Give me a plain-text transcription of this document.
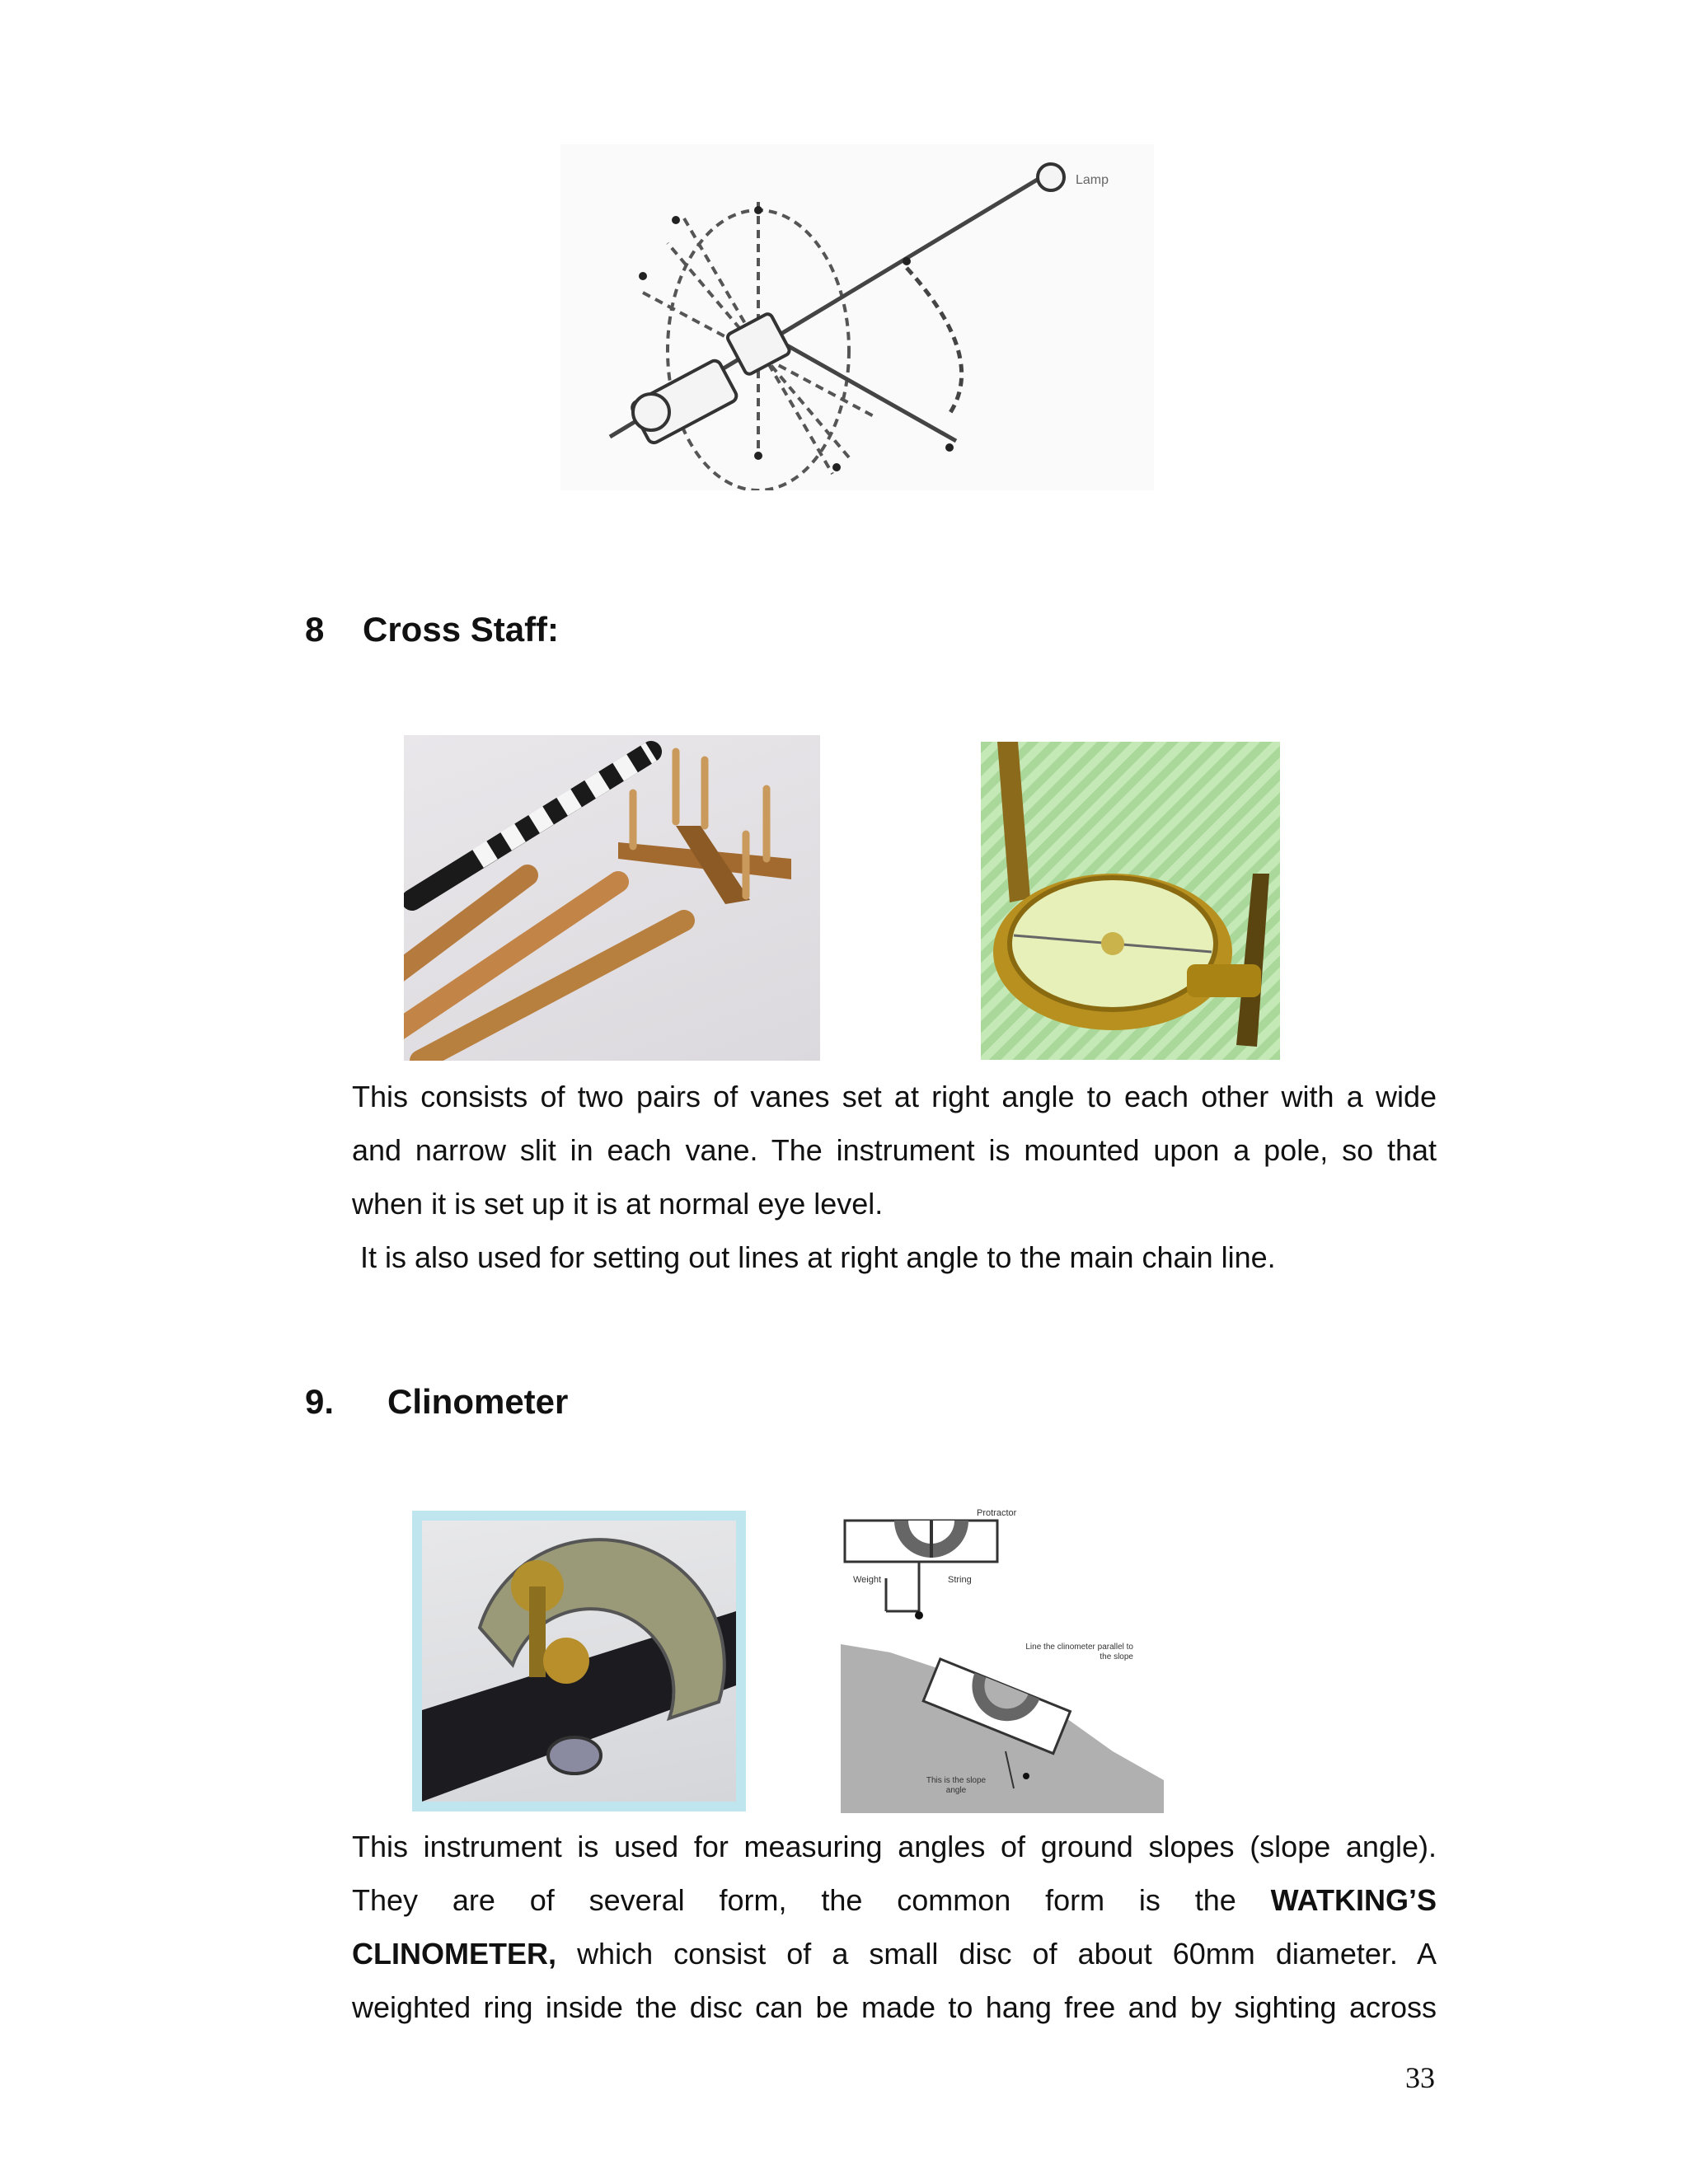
Lamp
8 Cross Staff:
This consists of two pairs of vanes set at right angle to each other with a wide
and narrow slit in each vane. The instrument is mounted upon a pole, so that
when it is set up it is at normal eye level.
It is also used for setting out lines at right angle to the main chain line.
9. Clinometer
Protractor
Weight	String
Line the clinometer parallel to the slope
This is the slope angle
This instrument is used for measuring angles of ground slopes (slope angle).
They are of several form, the common form is the WATKING’S
CLINOMETER, which consist of a small disc of about 60mm diameter. A
weighted ring inside the disc can be made to hang free and by sighting across
33
